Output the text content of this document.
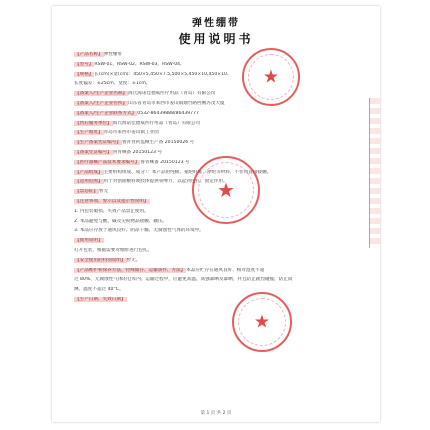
弹性绷带
使用说明书
【产品名称】弹性绷带
【型号】RSW-01、RSW-02、RSW-03、RSW-04。
【规格】长(cm)×宽(cm)：450×5,450×7.5,500×5,450×10,450×10。
长度偏差：±25cm，宽度：±1cm。
【备案人/生产企业名称】海氏海诺佳德威医疗用品（青岛）有限公司
【备案人/生产企业住所】山东省青岛市莱西市姜山镇烟台路西侧苏茂大厦
【备案人/生产企业联系方式】0532-86439888/86439777
【售后服务单位】海氏海诺佳德威医疗用品（青岛）有限公司
【生产地址】青岛市莱西市姜山镇工业园
【生产备案凭证编号】鲁青食药监械生产备 20150026 号
【备案凭证编号】鲁青械备 20150123 号
【医疗器械产品技术要求编号】鲁青械备 20150123 号
【产品组成】主要组构组成、成分）：本产品由纯棉、氨纶纤维、涤纶等材料，不作用直接接触。
【适用范围】用于对创面敷料或肢体提供束缚力，以起到包扎、固定作用。
【禁忌症】暂无
【注意事项、警示以及提示性说明】
1. 内包装破损、失效产品禁止使用。
2. 本品避免与酸、碱及尖锐物品接触、碾压。
3. 本品应存放于通风良好、阴凉干燥、无腐蚀性气体的环境中。
【使用说明】
打开包装，根据需要对绷带进行包扎。
【安全使用的特别说明】暂无。
【产品维护和保养方法、特殊储存、运输条件、方法】本品应贮存在通风良好、相对湿度不超
过 80%、无腐蚀性气体的仓库内。运输过程中，应避免高温、高强暴晒及暴晒，并且防止剧烈碰撞，防止雨
淋。温度不超过 40°C。
【生产日期、失效日期】
★
★
★
第 1 页 共 2 页
